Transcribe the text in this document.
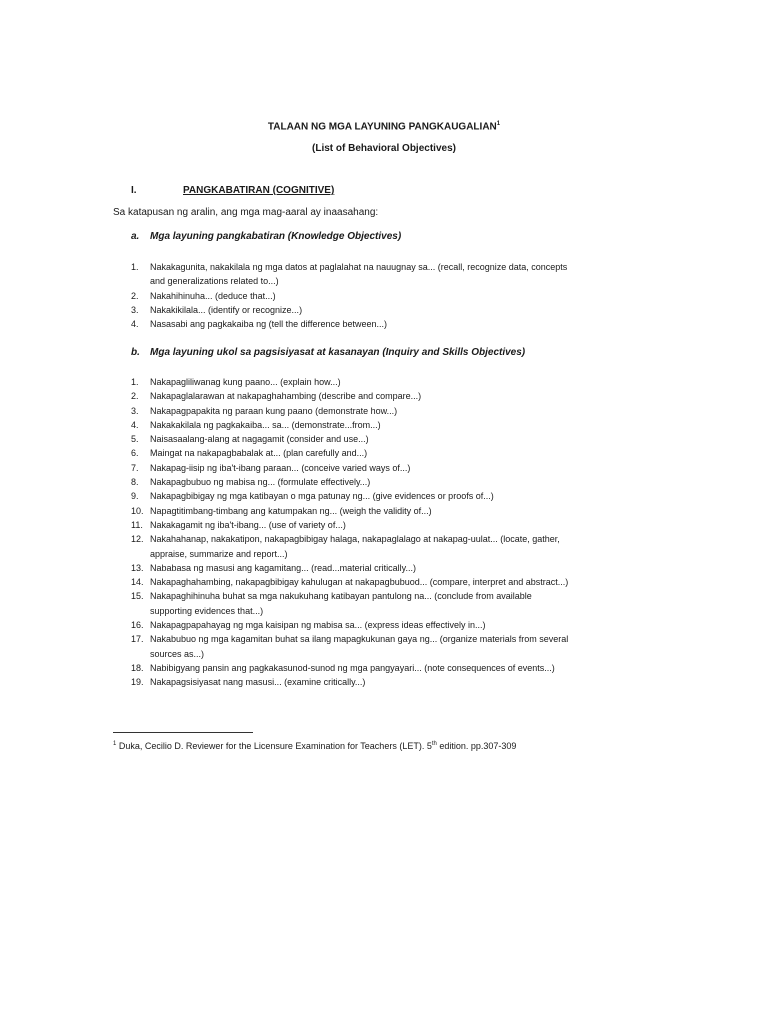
TALAAN NG MGA LAYUNING PANGKAUGALIAN$^1$
(List of Behavioral Objectives)
I.	PANGKABATIRAN (COGNITIVE)
Sa katapusan ng aralin, ang mga mag-aaral ay inaasahang:
a. Mga layuning pangkabatiran (Knowledge Objectives)
1.	Nakakagunita, nakakilala ng mga datos at paglalahat na nauugnay sa... (recall, recognize data, concepts and generalizations related to...)
2.	Nakahihinuha... (deduce that...)
3.	Nakakikilala... (identify or recognize...)
4.	Nasasabi ang pagkakaiba ng (tell the difference between...)
b. Mga layuning ukol sa pagsisiyasat at kasanayan (Inquiry and Skills Objectives)
1.	Nakapagliliwanag kung paano... (explain how...)
2.	Nakapaglalarawan at nakapaghahambing (describe and compare...)
3.	Nakapagpapakita ng paraan kung paano (demonstrate how...)
4.	Nakakakilala ng pagkakaiba... sa... (demonstrate...from...)
5.	Naisasaalang-alang at nagagamit (consider and use...)
6.	Maingat na nakapagbabalak at... (plan carefully and...)
7.	Nakapag-iisip ng iba't-ibang paraan... (conceive varied ways of...)
8.	Nakapagbubuo ng mabisa ng... (formulate effectively...)
9.	Nakapagbibigay ng mga katibayan o mga patunay ng... (give evidences or proofs of...)
10. Napagtitimbang-timbang ang katumpakan ng... (weigh the validity of...)
11. Nakakagamit ng iba't-ibang... (use of variety of...)
12. Nakahahanap, nakakatipon, nakapagbibigay halaga, nakapaglalago at nakapag-uulat... (locate, gather, appraise, summarize and report...)
13. Nababasa ng masusi ang kagamitang... (read...material critically...)
14. Nakapaghahambing, nakapagbibigay kahulugan at nakapagbubuod... (compare, interpret and abstract...)
15. Nakapaghihinuha buhat sa mga nakukuhang katibayan pantulong na... (conclude from available supporting evidences that...)
16. Nakapagpapahayag ng mga kaisipan ng mabisa sa... (express ideas effectively in...)
17. Nakabubuo ng mga kagamitan buhat sa ilang mapagkukunan gaya ng... (organize materials from several sources as...)
18. Nabibigyang pansin ang pagkakasunod-sunod ng mga pangyayari... (note consequences of events...)
19. Nakapagsisiyasat nang masusi... (examine critically...)
$^1$ Duka, Cecilio D. Reviewer for the Licensure Examination for Teachers (LET). 5th edition. pp.307-309
